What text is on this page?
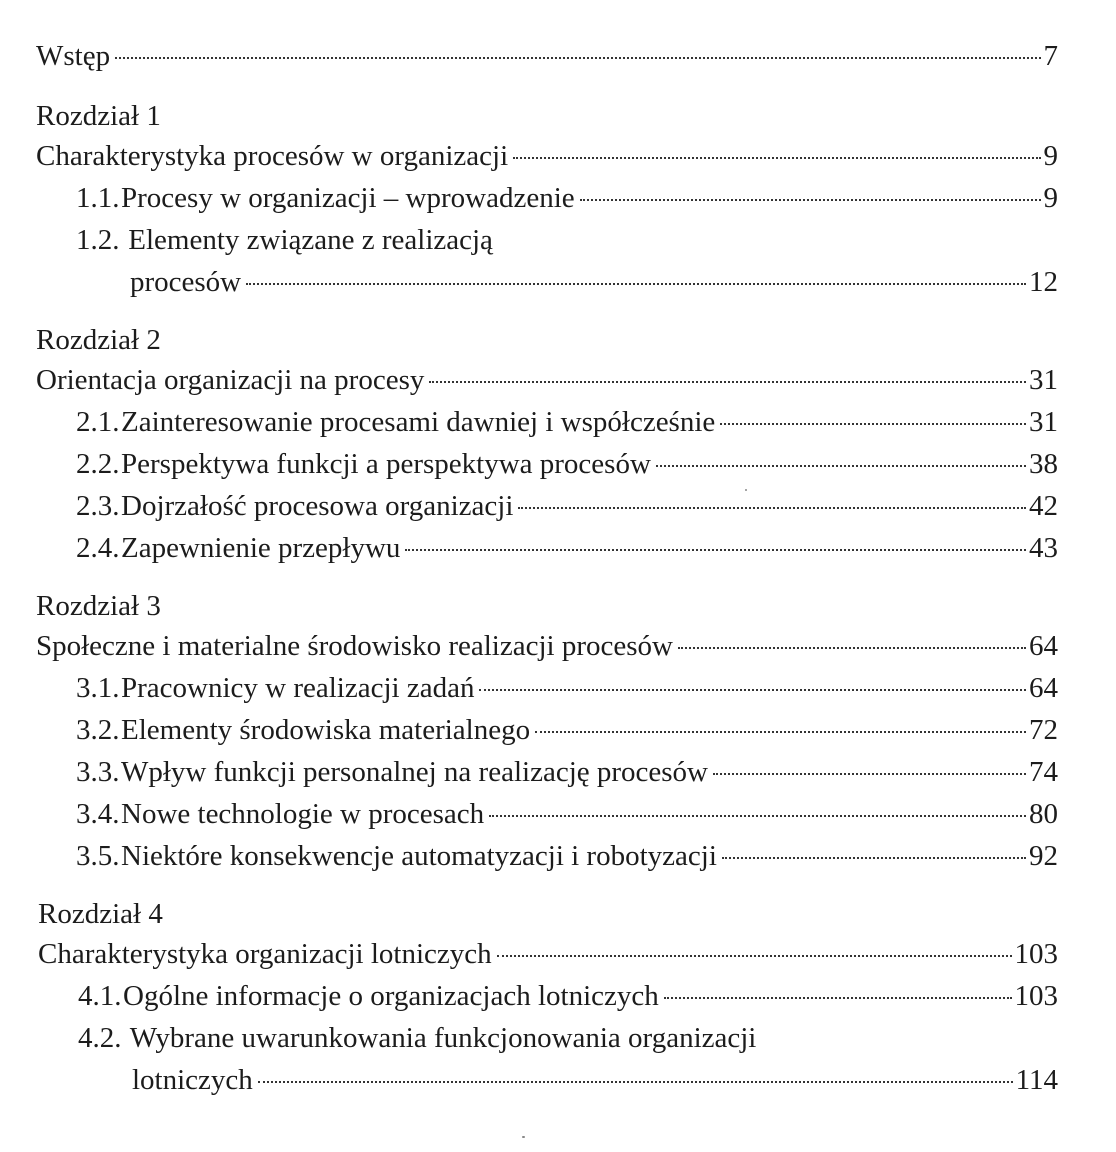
Wstęp	7
Rozdział 1
Charakterystyka procesów w organizacji	9
1.1. Procesy w organizacji – wprowadzenie	9
1.2. Elementy związane z realizacją
procesów	12
Rozdział 2
Orientacja organizacji na procesy	31
2.1. Zainteresowanie procesami dawniej i współcześnie	31
2.2. Perspektywa funkcji a perspektywa procesów	38
2.3. Dojrzałość procesowa organizacji	42
2.4. Zapewnienie przepływu	43
Rozdział 3
Społeczne i materialne środowisko realizacji procesów	64
3.1. Pracownicy w realizacji zadań	64
3.2. Elementy środowiska materialnego	72
3.3. Wpływ funkcji personalnej na realizację procesów	74
3.4. Nowe technologie w procesach	80
3.5. Niektóre konsekwencje automatyzacji i robotyzacji	92
Rozdział 4
Charakterystyka organizacji lotniczych	103
4.1. Ogólne informacje o organizacjach lotniczych	103
4.2. Wybrane uwarunkowania funkcjonowania organizacji
lotniczych	114
